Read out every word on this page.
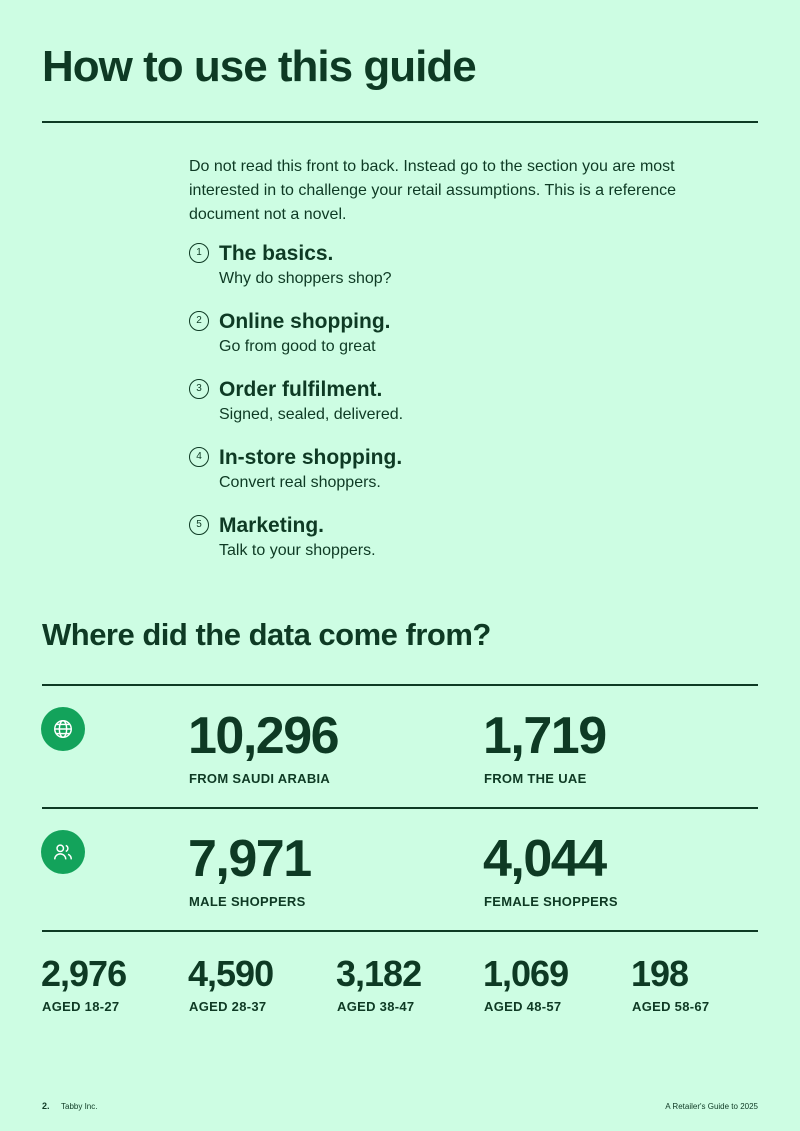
How to use this guide

Do not read this front to back. Instead go to the section you are most interested in to challenge your retail assumptions. This is a reference document not a novel.

1 The basics.
Why do shoppers shop?
2 Online shopping.
Go from good to great
3 Order fulfilment.
Signed, sealed, delivered.
4 In-store shopping.
Convert real shoppers.
5 Marketing.
Talk to your shoppers.
Where did the data come from?
10,296
FROM SAUDI ARABIA
1,719
FROM THE UAE
7,971
MALE SHOPPERS
4,044
FEMALE SHOPPERS
2,976
AGED 18-27
4,590
AGED 28-37
3,182
AGED 38-47
1,069
AGED 48-57
198
AGED 58-67
2. Tabby Inc.	A Retailer's Guide to 2025
